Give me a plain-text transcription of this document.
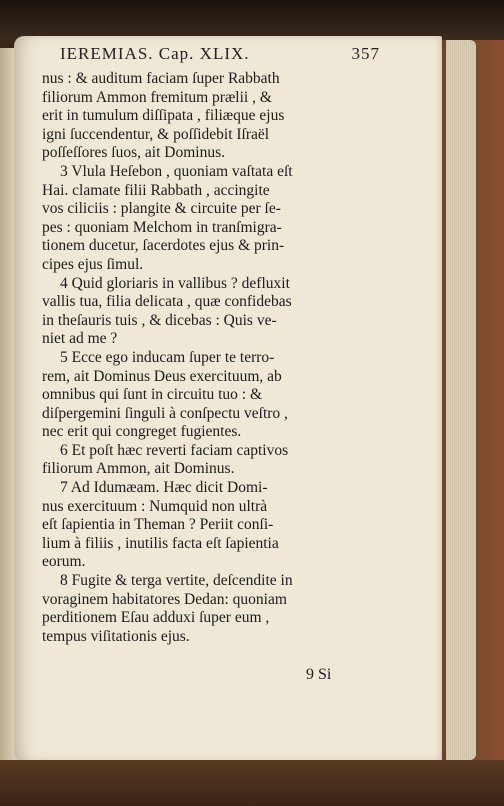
IEREMIAS. Cap. XLIX.	357

nus : & auditum faciam ſuper Rabbath

filiorum Ammon fremitum prælii , &

erit in tumulum diſſipata , filiæque ejus

igni ſuccendentur, & poſſidebit Iſraël

poſſeſſores ſuos, ait Dominus.

3 Vlula Heſebon , quoniam vaſtata eſt

Hai. clamate filii Rabbath , accingite

vos ciliciis : plangite & circuite per ſe-

pes : quoniam Melchom in tranſmigra-

tionem ducetur, ſacerdotes ejus & prin-

cipes ejus ſimul.

4 Quid gloriaris in vallibus ? defluxit

vallis tua, filia delicata , quæ confidebas

in theſauris tuis , & dicebas : Quis ve-

niet ad me ?

5 Ecce ego inducam ſuper te terro-

rem, ait Dominus Deus exercituum, ab

omnibus qui ſunt in circuitu tuo : &

diſpergemini ſinguli à conſpectu veſtro ,

nec erit qui congreget fugientes.

6 Et poſt hæc reverti faciam captivos

filiorum Ammon, ait Dominus.

7 Ad Idumæam. Hæc dicit Domi-

nus exercituum : Numquid non ultrà

eſt ſapientia in Theman ? Periit conſi-

lium à filiis , inutilis facta eſt ſapientia

eorum.

8 Fugite & terga vertite, deſcendite in

voraginem habitatores Dedan: quoniam

perditionem Eſau adduxi ſuper eum ,

tempus viſitationis ejus.

9 Si
